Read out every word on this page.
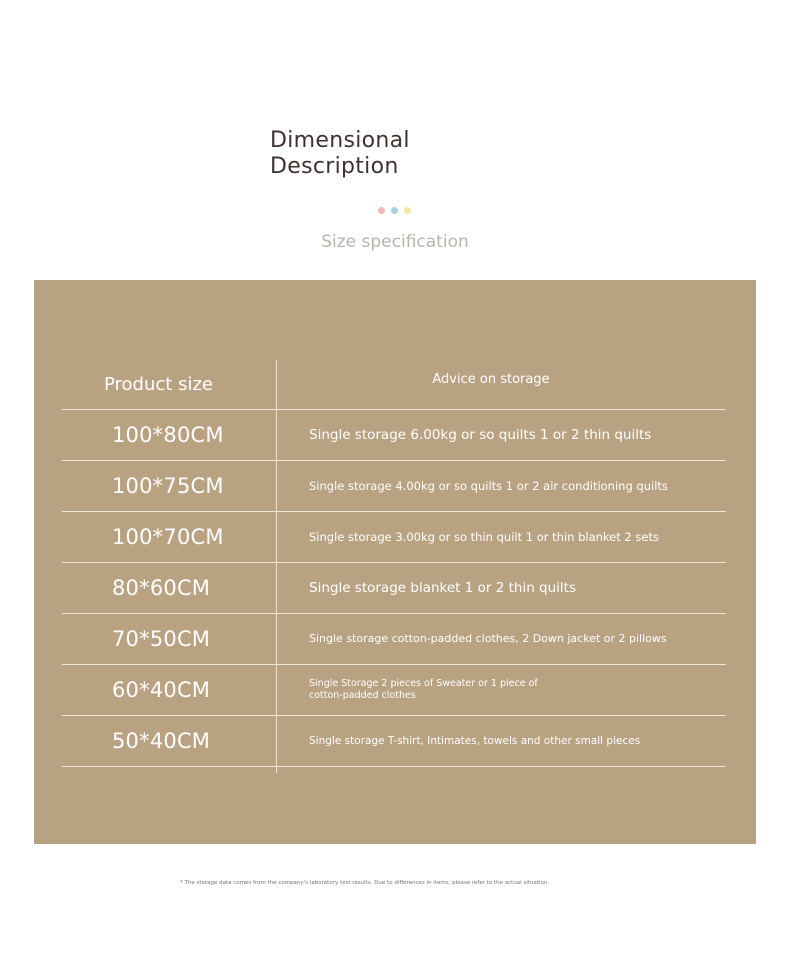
Dimensional
Description
Size specification
Product size	Advice on storage
100*80CM	Single storage 6.00kg or so quilts 1 or 2 thin quilts
100*75CM	Single storage 4.00kg or so quilts 1 or 2 air conditioning quilts
100*70CM	Single storage 3.00kg or so thin quilt 1 or thin blanket 2 sets
80*60CM	Single storage blanket 1 or 2 thin quilts
70*50CM	Single storage cotton-padded clothes, 2 Down jacket or 2 pillows
60*40CM	Single Storage 2 pieces of Sweater or 1 piece of cotton-padded clothes
50*40CM	Single storage T-shirt, Intimates, towels and other small pieces
* The storage data comes from the company's laboratory test results. Due to differences in items, please refer to the actual situation.
